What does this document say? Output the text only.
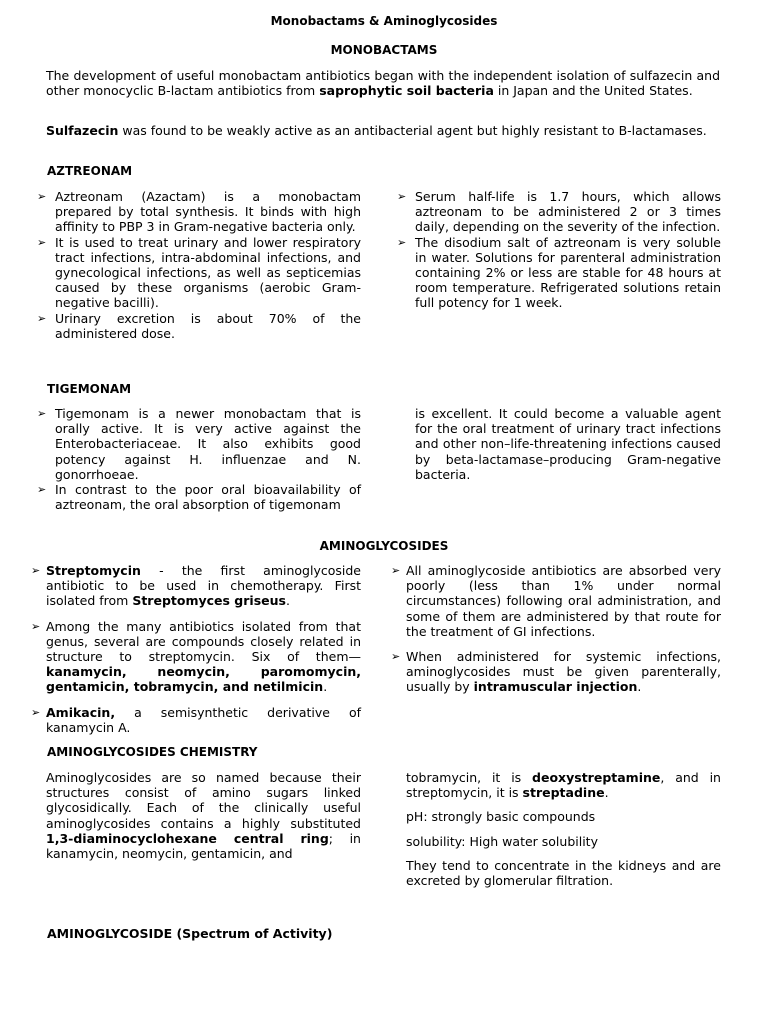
Monobactams & Aminoglycosides
MONOBACTAMS

The development of useful monobactam antibiotics began with the independent isolation of sulfazecin and other monocyclic B-lactam antibiotics from saprophytic soil bacteria in Japan and the United States.

Sulfazecin was found to be weakly active as an antibacterial agent but highly resistant to B-lactamases.

AZTREONAM
➢ Aztreonam (Azactam) is a monobactam prepared by total synthesis. It binds with high affinity to PBP 3 in Gram-negative bacteria only.
➢ It is used to treat urinary and lower respiratory tract infections, intra-abdominal infections, and gynecological infections, as well as septicemias caused by these organisms (aerobic Gram-negative bacilli).
➢ Urinary excretion is about 70% of the administered dose.
➢ Serum half-life is 1.7 hours, which allows aztreonam to be administered 2 or 3 times daily, depending on the severity of the infection.
➢ The disodium salt of aztreonam is very soluble in water. Solutions for parenteral administration containing 2% or less are stable for 48 hours at room temperature. Refrigerated solutions retain full potency for 1 week.
TIGEMONAM
➢ Tigemonam is a newer monobactam that is orally active. It is very active against the Enterobacteriaceae. It also exhibits good potency against H. influenzae and N. gonorrhoeae.
➢ In contrast to the poor oral bioavailability of aztreonam, the oral absorption of tigemonam
is excellent. It could become a valuable agent for the oral treatment of urinary tract infections and other non–life-threatening infections caused by beta-lactamase–producing Gram-negative bacteria.
AMINOGLYCOSIDES
➢ Streptomycin - the first aminoglycoside antibiotic to be used in chemotherapy. First isolated from Streptomyces griseus.
➢ Among the many antibiotics isolated from that genus, several are compounds closely related in structure to streptomycin. Six of them—kanamycin, neomycin, paromomycin, gentamicin, tobramycin, and netilmicin.
➢ Amikacin, a semisynthetic derivative of kanamycin A.
➢ All aminoglycoside antibiotics are absorbed very poorly (less than 1% under normal circumstances) following oral administration, and some of them are administered by that route for the treatment of GI infections.
➢ When administered for systemic infections, aminoglycosides must be given parenterally, usually by intramuscular injection.
AMINOGLYCOSIDES CHEMISTRY

Aminoglycosides are so named because their structures consist of amino sugars linked glycosidically. Each of the clinically useful aminoglycosides contains a highly substituted 1,3-diaminocyclohexane central ring; in kanamycin, neomycin, gentamicin, and

tobramycin, it is deoxystreptamine, and in streptomycin, it is streptadine.

pH: strongly basic compounds

solubility: High water solubility

They tend to concentrate in the kidneys and are excreted by glomerular filtration.

AMINOGLYCOSIDE (Spectrum of Activity)
